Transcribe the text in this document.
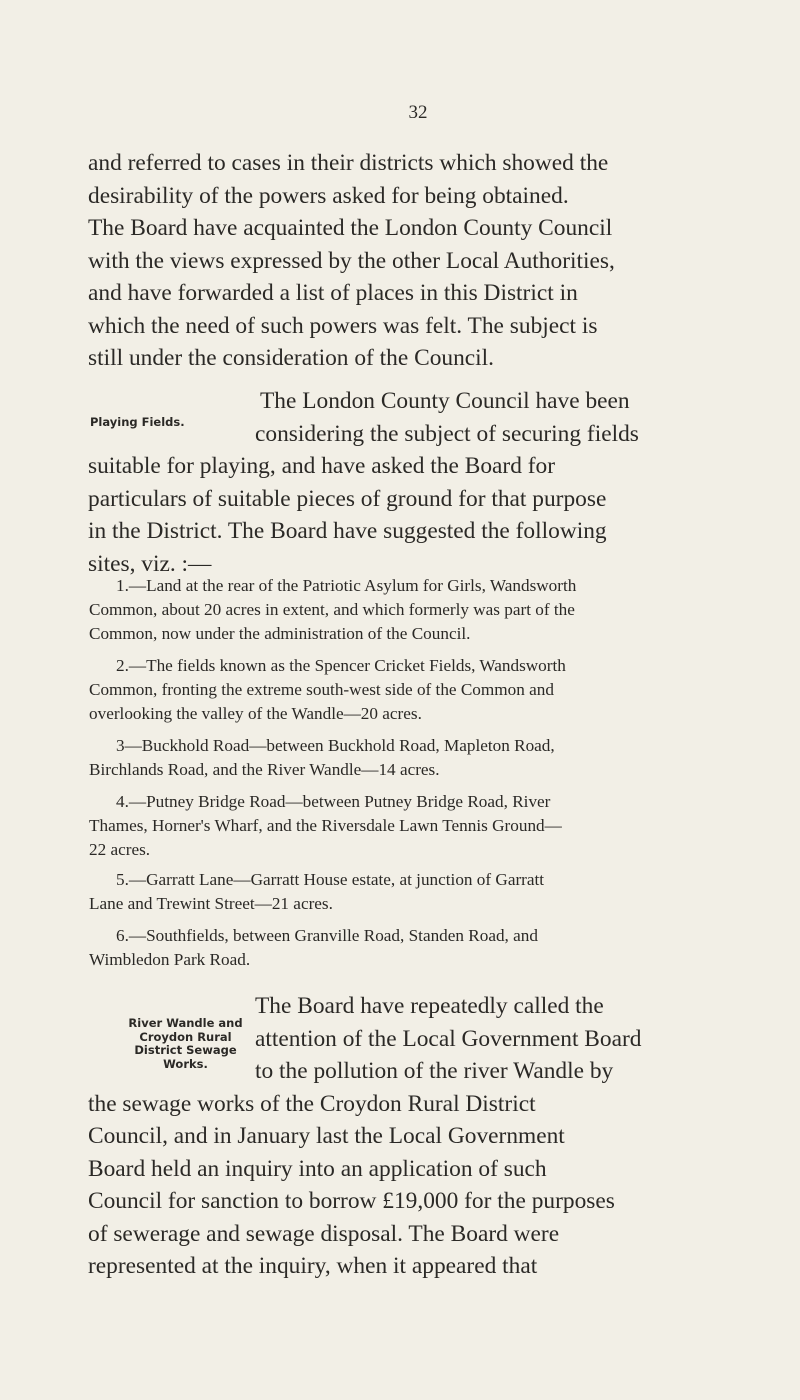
32
and referred to cases in their districts which showed the
desirability of the powers asked for being obtained.
The Board have acquainted the London County Council
with the views expressed by the other Local Authorities,
and have forwarded a list of places in this District in
which the need of such powers was felt. The subject is
still under the consideration of the Council.
Playing Fields.
The London County Council have been
considering the subject of securing fields
suitable for playing, and have asked the Board for
particulars of suitable pieces of ground for that purpose
in the District. The Board have suggested the following
sites, viz. :—
1.—Land at the rear of the Patriotic Asylum for Girls, Wandsworth
Common, about 20 acres in extent, and which formerly was part of the
Common, now under the administration of the Council.
2.—The fields known as the Spencer Cricket Fields, Wandsworth
Common, fronting the extreme south-west side of the Common and
overlooking the valley of the Wandle—20 acres.
3—Buckhold Road—between Buckhold Road, Mapleton Road,
Birchlands Road, and the River Wandle—14 acres.
4.—Putney Bridge Road—between Putney Bridge Road, River
Thames, Horner's Wharf, and the Riversdale Lawn Tennis Ground—
22 acres.
5.—Garratt Lane—Garratt House estate, at junction of Garratt
Lane and Trewint Street—21 acres.
6.—Southfields, between Granville Road, Standen Road, and
Wimbledon Park Road.
River Wandle and
Croydon Rural
District Sewage
Works.
The Board have repeatedly called the
attention of the Local Government Board
to the pollution of the river Wandle by
the sewage works of the Croydon Rural District
Council, and in January last the Local Government
Board held an inquiry into an application of such
Council for sanction to borrow £19,000 for the purposes
of sewerage and sewage disposal. The Board were
represented at the inquiry, when it appeared that
